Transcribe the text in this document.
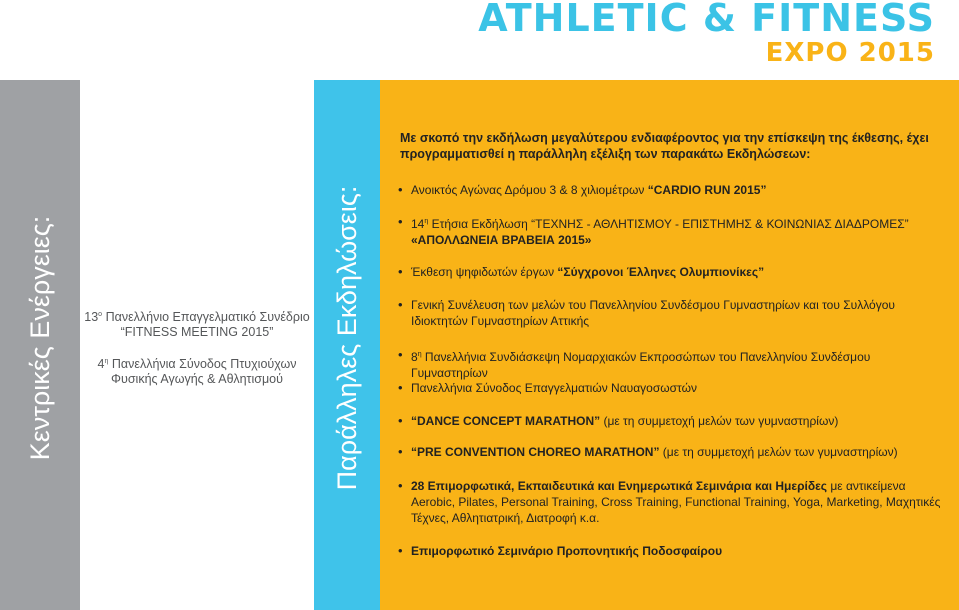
ATHLETIC & FITNESS
EXPO 2015
Κεντρικές Ενέργειες:	Παράλληλες Εκδηλώσεις:

$13^o$ Πανελλήνιο Επαγγελματικό Συνέδριο
“FITNESS MEETING 2015”

$4^\eta$ Πανελλήνια Σύνοδος Πτυχιούχων
Φυσικής Αγωγής & Αθλητισμού

Με σκοπό την εκδήλωση μεγαλύτερου ενδιαφέροντος για την επίσκεψη της έκθεσης, έχει προγραμματισθεί η παράλληλη εξέλιξη των παρακάτω Εκδηλώσεων:
• Ανοικτός Αγώνας Δρόμου 3 & 8 χιλιομέτρων “CARDIO RUN 2015”
• $14^\eta$ Ετήσια Εκδήλωση “ΤΕΧΝΗΣ - ΑΘΛΗΤΙΣΜΟΥ - ΕΠΙΣΤΗΜΗΣ & ΚΟΙΝΩΝΙΑΣ ΔΙΑΔΡΟΜΕΣ”
«ΑΠΟΛΛΩΝΕΙΑ ΒΡΑΒΕΙΑ 2015»
• Έκθεση ψηφιδωτών έργων “Σύγχρονοι Έλληνες Ολυμπιονίκες”
• Γενική Συνέλευση των μελών του Πανελληνίου Συνδέσμου Γυμναστηρίων και του Συλλόγου Ιδιοκτητών Γυμναστηρίων Αττικής
• $8^\eta$ Πανελλήνια Συνδιάσκεψη Νομαρχιακών Εκπροσώπων του Πανελληνίου Συνδέσμου Γυμναστηρίων
• Πανελλήνια Σύνοδος Επαγγελματιών Ναυαγοσωστών
• “DANCE CONCEPT MARATHON” (με τη συμμετοχή μελών των γυμναστηρίων)
• “PRE CONVENTION CHOREO MARATHON” (με τη συμμετοχή μελών των γυμναστηρίων)
• 28 Επιμορφωτικά, Εκπαιδευτικά και Ενημερωτικά Σεμινάρια και Ημερίδες με αντικείμενα Aerobic, Pilates, Personal Training, Cross Training, Functional Training, Yoga, Marketing, Μαχητικές Τέχνες, Αθλητιατρική, Διατροφή κ.α.
• Επιμορφωτικό Σεμινάριο Προπονητικής Ποδοσφαίρου
